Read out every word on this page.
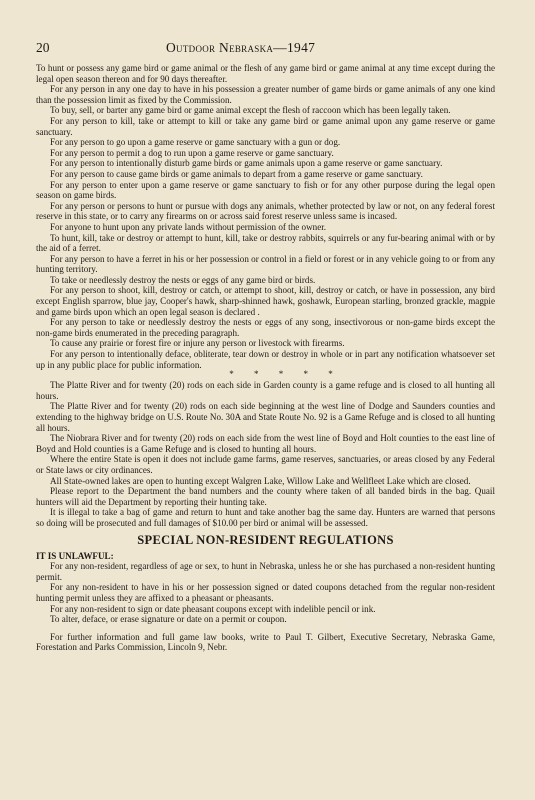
20	Outdoor Nebraska—1947

To hunt or possess any game bird or game animal or the flesh of any game bird or game animal at any time except during the legal open season thereon and for 90 days thereafter.

For any person in any one day to have in his possession a greater number of game birds or game animals of any one kind than the possession limit as fixed by the Commission.

To buy, sell, or barter any game bird or game animal except the flesh of raccoon which has been legally taken.

For any person to kill, take or attempt to kill or take any game bird or game animal upon any game reserve or game sanctuary.

For any person to go upon a game reserve or game sanctuary with a gun or dog.

For any person to permit a dog to run upon a game reserve or game sanctuary.

For any person to intentionally disturb game birds or game animals upon a game reserve or game sanctuary.

For any person to cause game birds or game animals to depart from a game reserve or game sanctuary.

For any person to enter upon a game reserve or game sanctuary to fish or for any other purpose during the legal open season on game birds.

For any person or persons to hunt or pursue with dogs any animals, whether protected by law or not, on any federal forest reserve in this state, or to carry any firearms on or across said forest reserve unless same is incased.

For anyone to hunt upon any private lands without permission of the owner.

To hunt, kill, take or destroy or attempt to hunt, kill, take or destroy rabbits, squirrels or any fur-bearing animal with or by the aid of a ferret.

For any person to have a ferret in his or her possession or control in a field or forest or in any vehicle going to or from any hunting territory.

To take or needlessly destroy the nests or eggs of any game bird or birds.

For any person to shoot, kill, destroy or catch, or attempt to shoot, kill, destroy or catch, or have in possession, any bird except English sparrow, blue jay, Cooper's hawk, sharp-shinned hawk, goshawk, European starling, bronzed grackle, magpie and game birds upon which an open legal season is declared .

For any person to take or needlessly destroy the nests or eggs of any song, insectivorous or non-game birds except the non-game birds enumerated in the preceding paragraph.

To cause any prairie or forest fire or injure any person or livestock with firearms.

For any person to intentionally deface, obliterate, tear down or destroy in whole or in part any notification whatsoever set up in any public place for public information.

* * * * *

The Platte River and for twenty (20) rods on each side in Garden county is a game refuge and is closed to all hunting all hours.

The Platte River and for twenty (20) rods on each side beginning at the west line of Dodge and Saunders counties and extending to the highway bridge on U.S. Route No. 30A and State Route No. 92 is a Game Refuge and is closed to all hunting all hours.

The Niobrara River and for twenty (20) rods on each side from the west line of Boyd and Holt counties to the east line of Boyd and Hold counties is a Game Refuge and is closed to hunting all hours.

Where the entire State is open it does not include game farms, game reserves, sanctuaries, or areas closed by any Federal or State laws or city ordinances.

All State-owned lakes are open to hunting except Walgren Lake, Willow Lake and Wellfleet Lake which are closed.

Please report to the Department the band numbers and the county where taken of all banded birds in the bag. Quail hunters will aid the Department by reporting their hunting take.

It is illegal to take a bag of game and return to hunt and take another bag the same day. Hunters are warned that persons so doing will be prosecuted and full damages of $10.00 per bird or animal will be assessed.

SPECIAL NON-RESIDENT REGULATIONS
IT IS UNLAWFUL:

For any non-resident, regardless of age or sex, to hunt in Nebraska, unless he or she has purchased a non-resident hunting permit.

For any non-resident to have in his or her possession signed or dated coupons detached from the regular non-resident hunting permit unless they are affixed to a pheasant or pheasants.

For any non-resident to sign or date pheasant coupons except with indelible pencil or ink.

To alter, deface, or erase signature or date on a permit or coupon.

For further information and full game law books, write to Paul T. Gilbert, Executive Secretary, Nebraska Game, Forestation and Parks Commission, Lincoln 9, Nebr.
